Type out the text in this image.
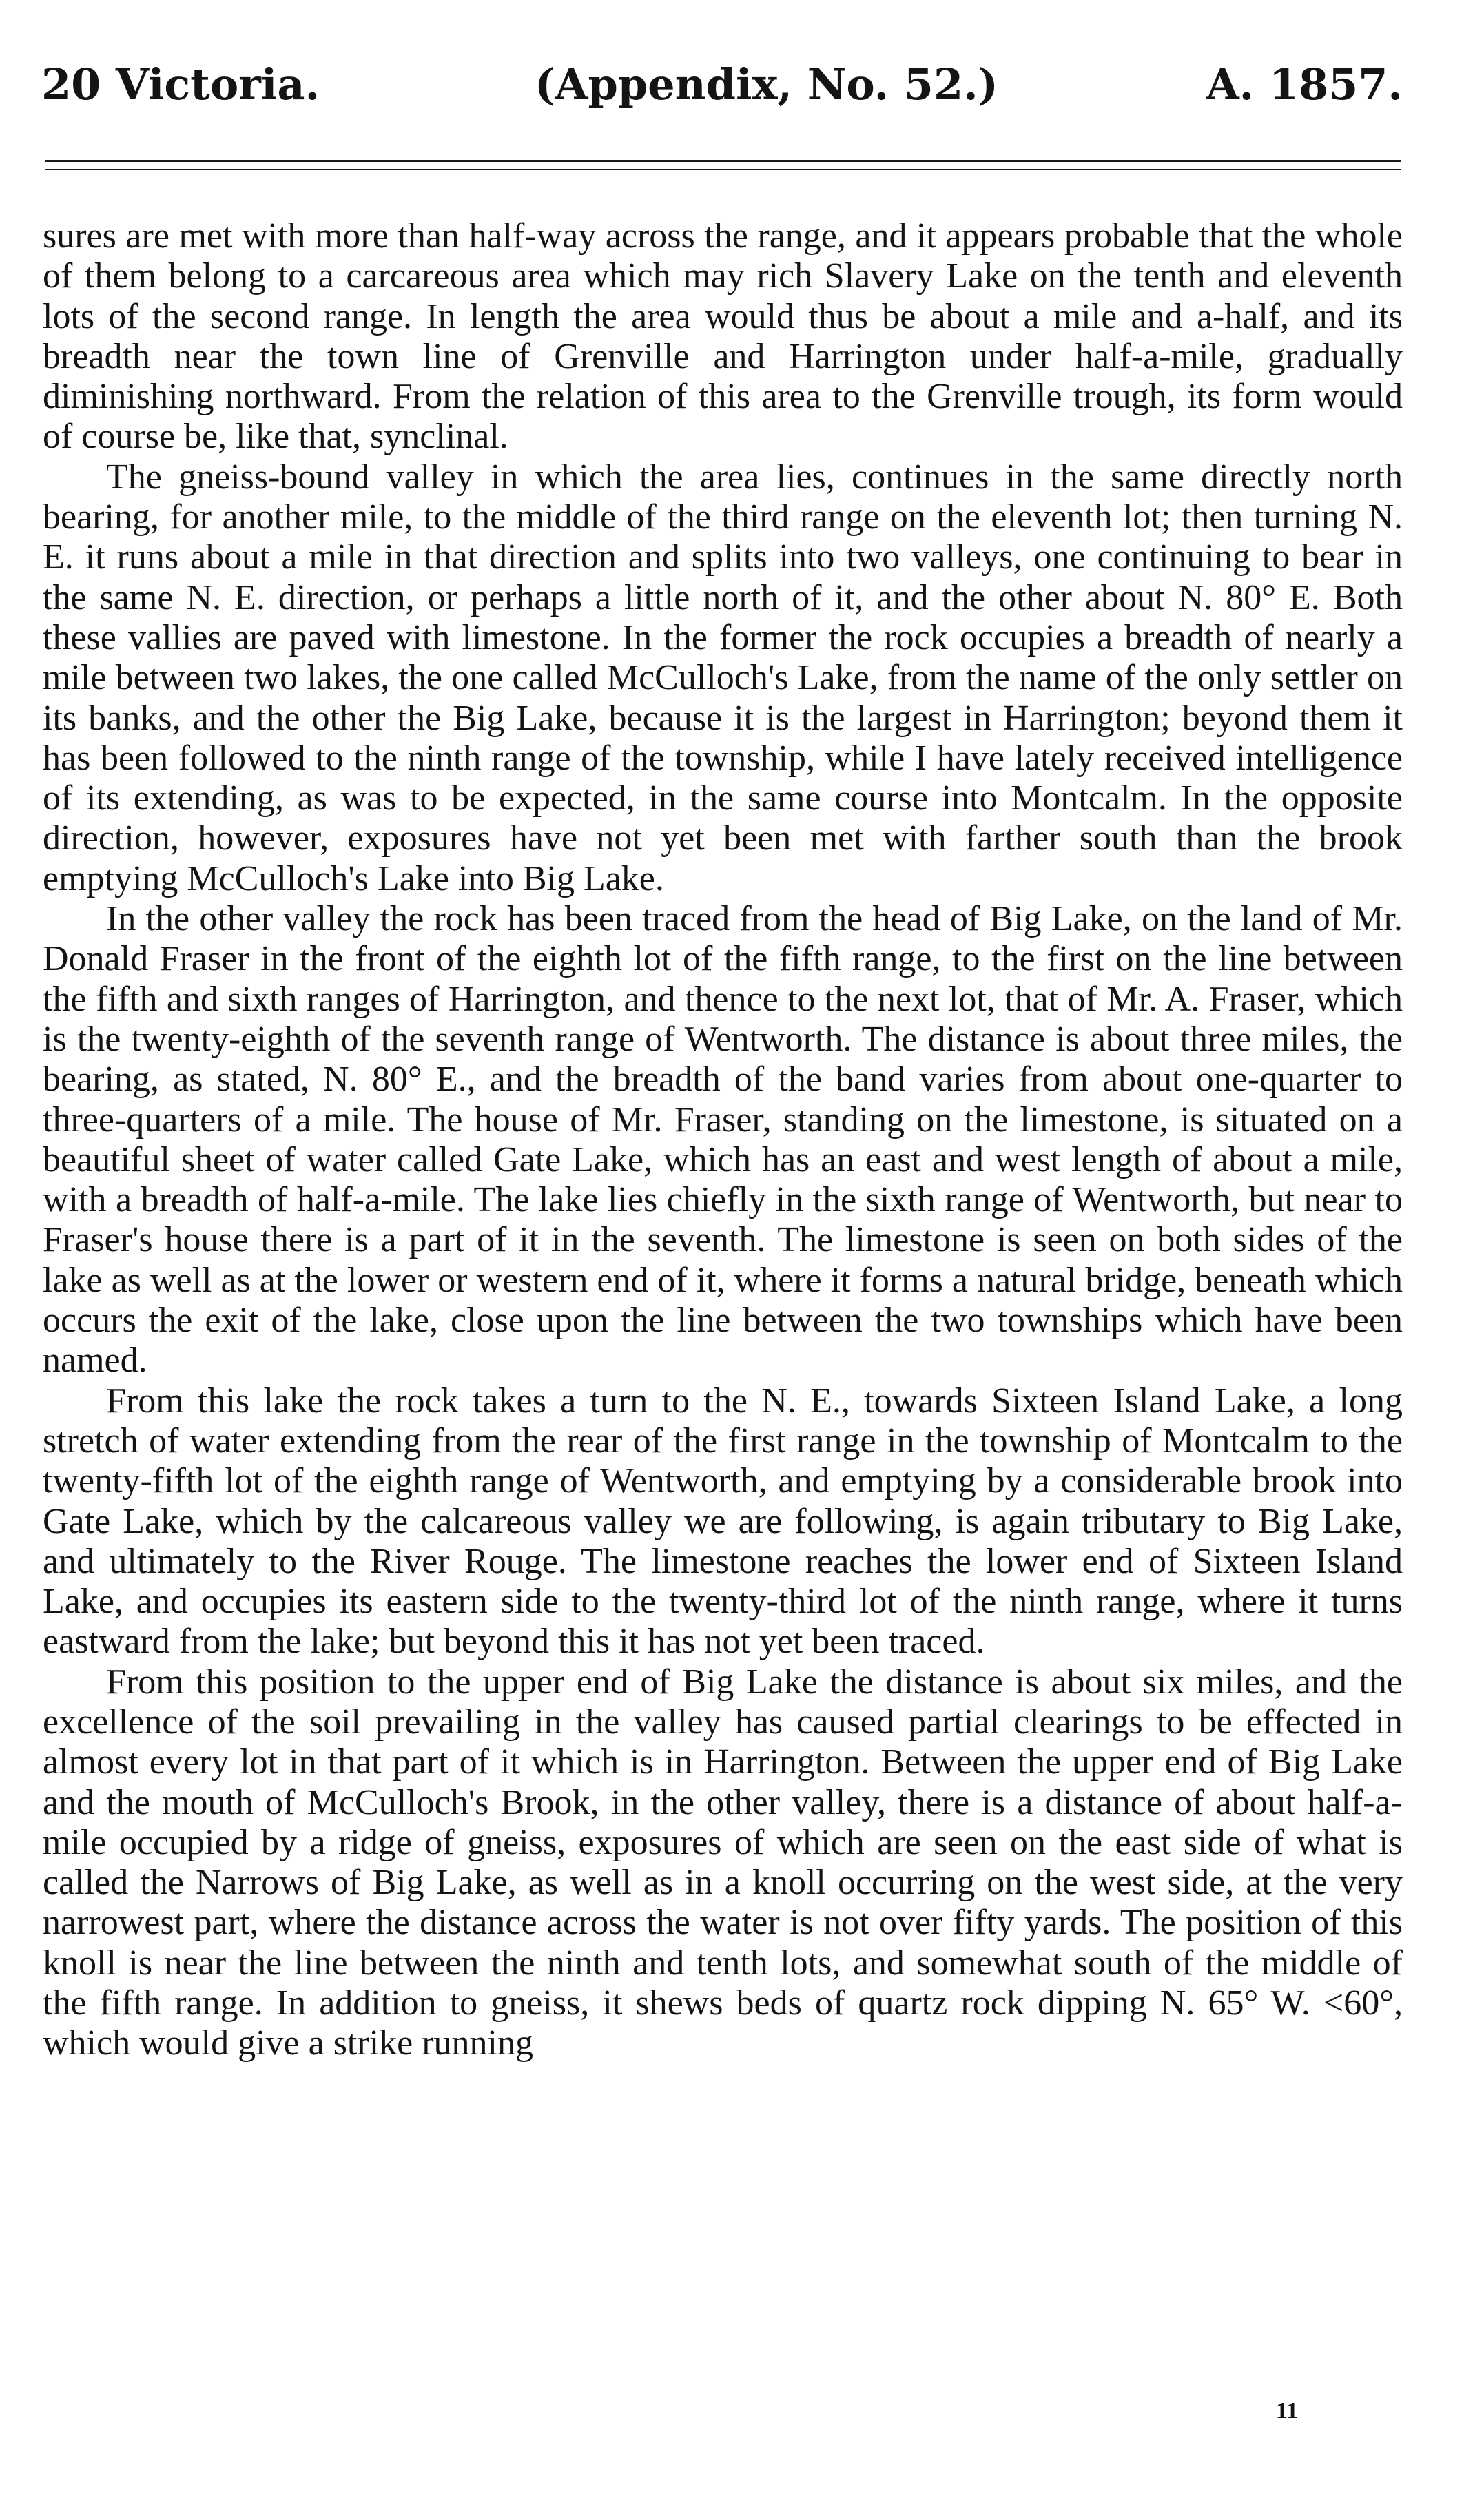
20 Victoria.	(Appendix, No. 52.)	A. 1857.

sures are met with more than half-way across the range, and it appears probable that the whole of them belong to a carcareous area which may rich Slavery Lake on the tenth and eleventh lots of the second range. In length the area would thus be about a mile and a-half, and its breadth near the town line of Grenville and Harrington under half-a-mile, gradually diminishing northward. From the relation of this area to the Grenville trough, its form would of course be, like that, synclinal.

The gneiss-bound valley in which the area lies, continues in the same directly north bearing, for another mile, to the middle of the third range on the eleventh lot; then turning N. E. it runs about a mile in that direction and splits into two valleys, one continuing to bear in the same N. E. direction, or perhaps a little north of it, and the other about N. 80° E. Both these vallies are paved with limestone. In the former the rock occupies a breadth of nearly a mile between two lakes, the one called McCulloch's Lake, from the name of the only settler on its banks, and the other the Big Lake, because it is the largest in Harrington; beyond them it has been followed to the ninth range of the township, while I have lately received intelligence of its extending, as was to be expected, in the same course into Montcalm. In the opposite direction, however, exposures have not yet been met with farther south than the brook emptying McCulloch's Lake into Big Lake.

In the other valley the rock has been traced from the head of Big Lake, on the land of Mr. Donald Fraser in the front of the eighth lot of the fifth range, to the first on the line between the fifth and sixth ranges of Harrington, and thence to the next lot, that of Mr. A. Fraser, which is the twenty-eighth of the seventh range of Wentworth. The distance is about three miles, the bearing, as stated, N. 80° E., and the breadth of the band varies from about one-quarter to three-quarters of a mile. The house of Mr. Fraser, standing on the limestone, is situated on a beautiful sheet of water called Gate Lake, which has an east and west length of about a mile, with a breadth of half-a-mile. The lake lies chiefly in the sixth range of Wentworth, but near to Fraser's house there is a part of it in the seventh. The limestone is seen on both sides of the lake as well as at the lower or western end of it, where it forms a natural bridge, beneath which occurs the exit of the lake, close upon the line between the two townships which have been named.

From this lake the rock takes a turn to the N. E., towards Sixteen Island Lake, a long stretch of water extending from the rear of the first range in the township of Montcalm to the twenty-fifth lot of the eighth range of Wentworth, and emptying by a considerable brook into Gate Lake, which by the calcareous valley we are following, is again tributary to Big Lake, and ultimately to the River Rouge. The limestone reaches the lower end of Sixteen Island Lake, and occupies its eastern side to the twenty-third lot of the ninth range, where it turns eastward from the lake; but beyond this it has not yet been traced.

From this position to the upper end of Big Lake the distance is about six miles, and the excellence of the soil prevailing in the valley has caused partial clearings to be effected in almost every lot in that part of it which is in Harrington. Between the upper end of Big Lake and the mouth of McCulloch's Brook, in the other valley, there is a distance of about half-a-mile occupied by a ridge of gneiss, exposures of which are seen on the east side of what is called the Narrows of Big Lake, as well as in a knoll occurring on the west side, at the very narrowest part, where the distance across the water is not over fifty yards. The position of this knoll is near the line between the ninth and tenth lots, and somewhat south of the middle of the fifth range. In addition to gneiss, it shews beds of quartz rock dipping N. 65° W. <60°, which would give a strike running

11
